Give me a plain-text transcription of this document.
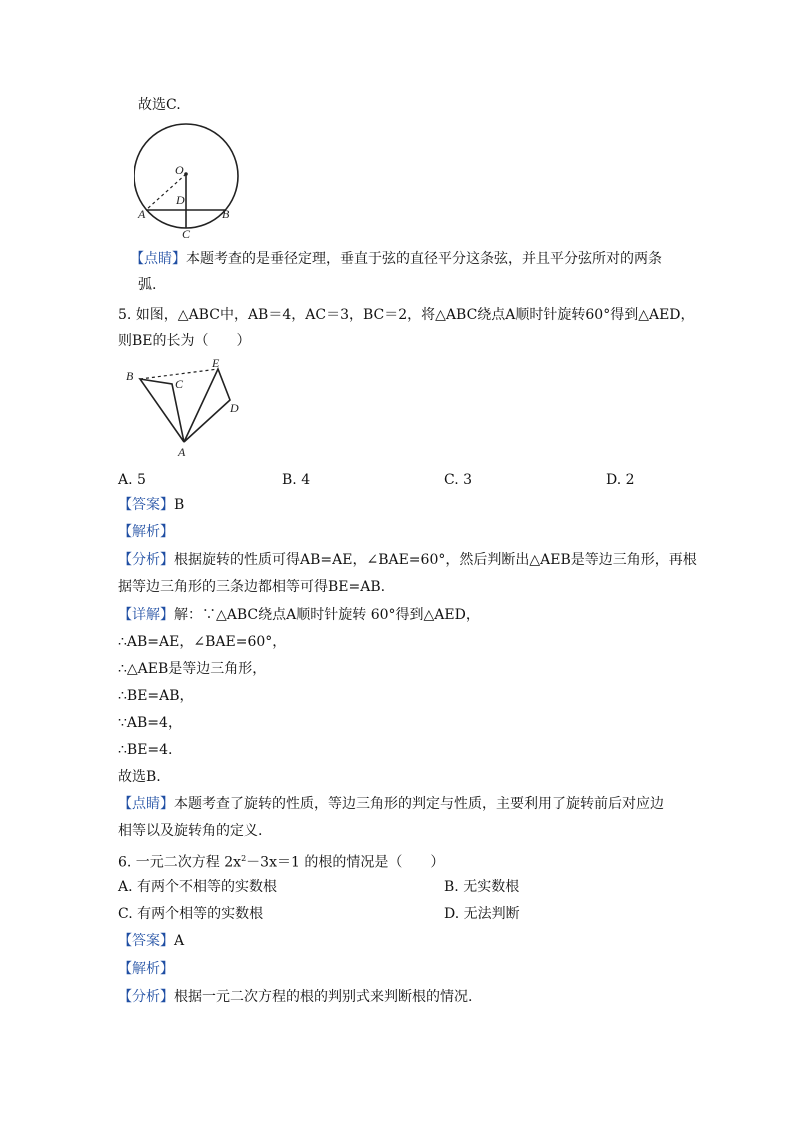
故选C.
O
D
A	B
C
【点睛】本题考查的是垂径定理，垂直于弦的直径平分这条弦，并且平分弦所对的两条
弧.
5. 如图，△ABC中，AB＝4，AC＝3，BC＝2，将△ABC绕点A顺时针旋转60°得到△AED，
则BE的长为（　　）
B
C
E
D
A
A. 5	B. 4	C. 3	D. 2
【答案】B
【解析】
【分析】根据旋转的性质可得AB=AE，∠BAE=60°，然后判断出△AEB是等边三角形，再根
据等边三角形的三条边都相等可得BE=AB.
【详解】解：∵△ABC绕点A顺时针旋转 60°得到△AED，
∴AB=AE，∠BAE=60°，
∴△AEB是等边三角形，
∴BE=AB，
∵AB=4，
∴BE=4.
故选B.
【点睛】本题考查了旋转的性质，等边三角形的判定与性质，主要利用了旋转前后对应边
相等以及旋转角的定义.
6. 一元二次方程 $2x^2-3x=1$ 的根的情况是（　　）
A. 有两个不相等的实数根	B. 无实数根
C. 有两个相等的实数根	D. 无法判断
【答案】A
【解析】
【分析】根据一元二次方程的根的判别式来判断根的情况.
